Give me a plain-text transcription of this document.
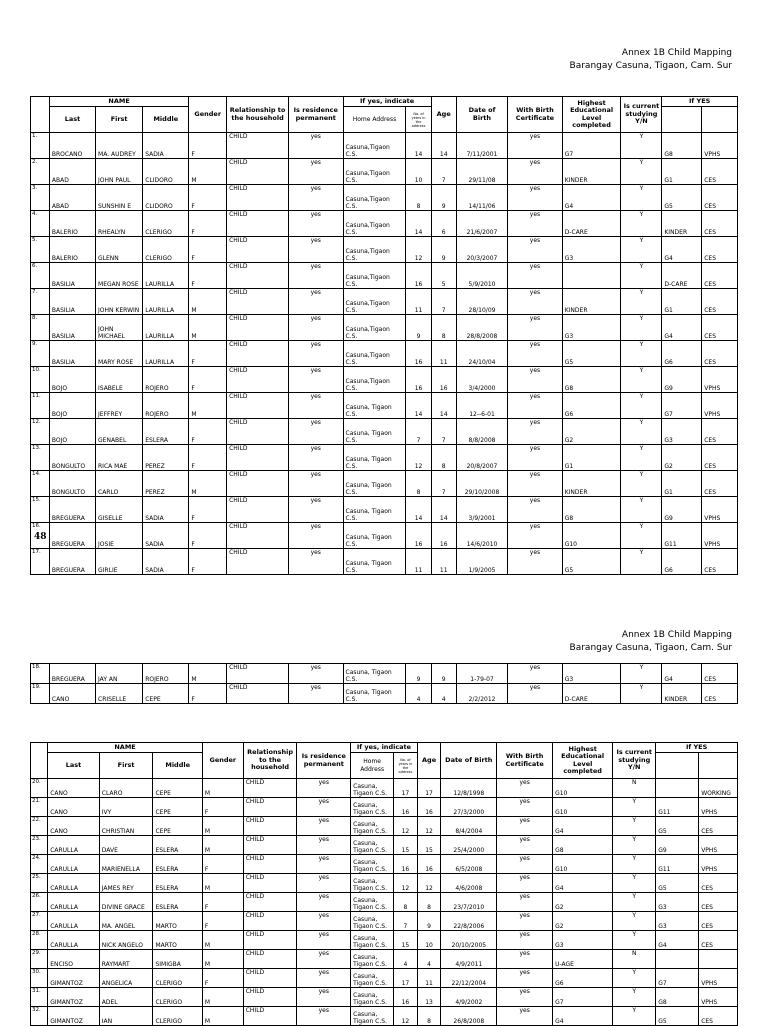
Annex 1B Child Mapping
Barangay Casuna, Tigaon, Cam. Sur
	NAME			Gender	Relationship to the household	Is residence permanent	If yes, indicate		Age	Date of Birth	With Birth Certificate	Highest Educational Level completed	Is current studying Y/N	If YES	
	Last	First	Middle				Home Address	No. of years in the address							
1.	BROCANO	MA. AUDREY	SADIA	F	CHILD	yes	Casuna,Tigaon C.S.	14	14	7/11/2001	yes	G7	Y	G8	VPHS
2.	ABAD	JOHN PAUL	CLIDORO	M	CHILD	yes	Casuna,Tigaon C.S.	10	7	29/11/08	yes	KINDER	Y	G1	CES
3.	ABAD	SUNSHIN E	CLIDORO	F	CHILD	yes	Casuna,Tigaon C.S.	8	9	14/11/06	yes	G4	Y	G5	CES
4.	BALERIO	RHEALYN	CLERIGO	F	CHILD	yes	Casuna,Tigaon C.S.	14	6	21/6/2007	yes	D-CARE	Y	KINDER	CES
5.	BALERIO	GLENN	CLERIGO	F	CHILD	yes	Casuna,Tigaon C.S.	12	9	20/3/2007	yes	G3	Y	G4	CES
6.	BASILIA	MEGAN ROSE	LAURILLA	F	CHILD	yes	Casuna,Tigaon C.S.	16	5	5/9/2010	yes		Y	D-CARE	CES
7.	BASILIA	JOHN KERWIN	LAURILLA	M	CHILD	yes	Casuna,Tigaon C.S.	11	7	28/10/09	yes	KINDER	Y	G1	CES
8.	BASILIA	JOHN MICHAEL	LAURILLA	M	CHILD	yes	Casuna,Tigaon C.S.	9	8	28/8/2008	yes	G3	Y	G4	CES
9.	BASILIA	MARY ROSE	LAURILLA	F	CHILD	yes	Casuna,Tigaon C.S.	16	11	24/10/04	yes	G5	Y	G6	CES
10.	BOJO	ISABELE	ROJERO	F	CHILD	yes	Casuna,Tigaon C.S.	16	16	3/4/2000	yes	G8	Y	G9	VPHS
11.	BOJO	JEFFREY	ROJERO	M	CHILD	yes	Casuna, Tigaon C.S.	14	14	12--6-01	yes	G6	Y	G7	VPHS
12.	BOJO	GENABEL	ESLERA	F	CHILD	yes	Casuna, Tigaon C.S.	7	7	8/8/2008	yes	G2	Y	G3	CES
13.	BONGULTO	RICA MAE	PEREZ	F	CHILD	yes	Casuna, Tigaon C.S.	12	8	20/8/2007	yes	G1	Y	G2	CES
14.	BONGULTO	CARLO	PEREZ	M	CHILD	yes	Casuna, Tigaon C.S.	8	7	29/10/2008	yes	KINDER	Y	G1	CES
15.	BREGUERA	GISELLE	SADIA	F	CHILD	yes	Casuna, Tigaon C.S.	14	14	3/9/2001	yes	G8	Y	G9	VPHS
16.	BREGUERA	JOSIE	SADIA	F	CHILD	yes	Casuna, Tigaon C.S.	16	16	14/6/2010	yes	G10	Y	G11	VPHS
17.	BREGUERA	GIRLIE	SADIA	F	CHILD	yes	Casuna, Tigaon C.S.	11	11	1/9/2005	yes	G5	Y	G6	CES
48
Annex 1B Child Mapping
Barangay Casuna, Tigaon, Cam. Sur
18.	BREGUERA	JAY AN	ROJERO	M	CHILD	yes	Casuna, Tigaon C.S.	9	9	1-79-07	yes	G3	Y	G4	CES
19.	CANO	CRISELLE	CEPE	F	CHILD	yes	Casuna, Tigaon C.S.	4	4	2/2/2012	yes	D-CARE	Y	KINDER	CES
	NAME			Gender	Relationship to the household	Is residence permanent	If yes, indicate		Age	Date of Birth	With Birth Certificate	Highest Educational Level completed	Is current studying Y/N	If YES	
	Last	First	Middle				Home Address	No. of years in the address							
20.	CANO	CLARO	CEPE	M	CHILD	yes	Casuna, Tigaon C.S.	17	17	12/8/1998	yes	G10	N		WORKING
21.	CANO	IVY	CEPE	F	CHILD	yes	Casuna, Tigaon C.S.	16	16	27/3/2000	yes	G10	Y	G11	VPHS
22.	CANO	CHRISTIAN	CEPE	M	CHILD	yes	Casuna, Tigaon C.S.	12	12	8/4/2004	yes	G4	Y	G5	CES
23.	CARULLA	DAVE	ESLERA	M	CHILD	yes	Casuna, Tigaon C.S.	15	15	25/4/2000	yes	G8	Y	G9	VPHS
24.	CARULLA	MARIENELLA	ESLERA	F	CHILD	yes	Casuna, Tigaon C.S.	16	16	6/5/2008	yes	G10	Y	G11	VPHS
25.	CARULLA	JAMES REY	ESLERA	M	CHILD	yes	Casuna, Tigaon C.S.	12	12	4/6/2008	yes	G4	Y	G5	CES
26.	CARULLA	DIVINE GRACE	ESLERA	F	CHILD	yes	Casuna, Tigaon C.S.	8	8	23/7/2010	yes	G2	Y	G3	CES
27.	CARULLA	MA. ANGEL	MARTO	F	CHILD	yes	Casuna, Tigaon C.S.	7	9	22/8/2006	yes	G2	Y	G3	CES
28.	CARULLA	NICK ANGELO	MARTO	M	CHILD	yes	Casuna, Tigaon C.S.	15	10	20/10/2005	yes	G3	Y	G4	CES
29.	ENCISO	RAYMART	SIMIGBA	M	CHILD	yes	Casuna, Tigaon C.S.	4	4	4/9/2011	yes	U-AGE	N		
30.	GIMANTOZ	ANGELICA	CLERIGO	F	CHILD	yes	Casuna, Tigaon C.S.	17	11	22/12/2004	yes	G6	Y	G7	VPHS
31.	GIMANTOZ	ADEL	CLERIGO	M	CHILD	yes	Casuna, Tigaon C.S.	16	13	4/9/2002	yes	G7	Y	G8	VPHS
32.	GIMANTOZ	IAN	CLERIGO	M	CHILD	yes	Casuna, Tigaon C.S.	12	8	26/8/2008	yes	G4	Y	G5	CES
